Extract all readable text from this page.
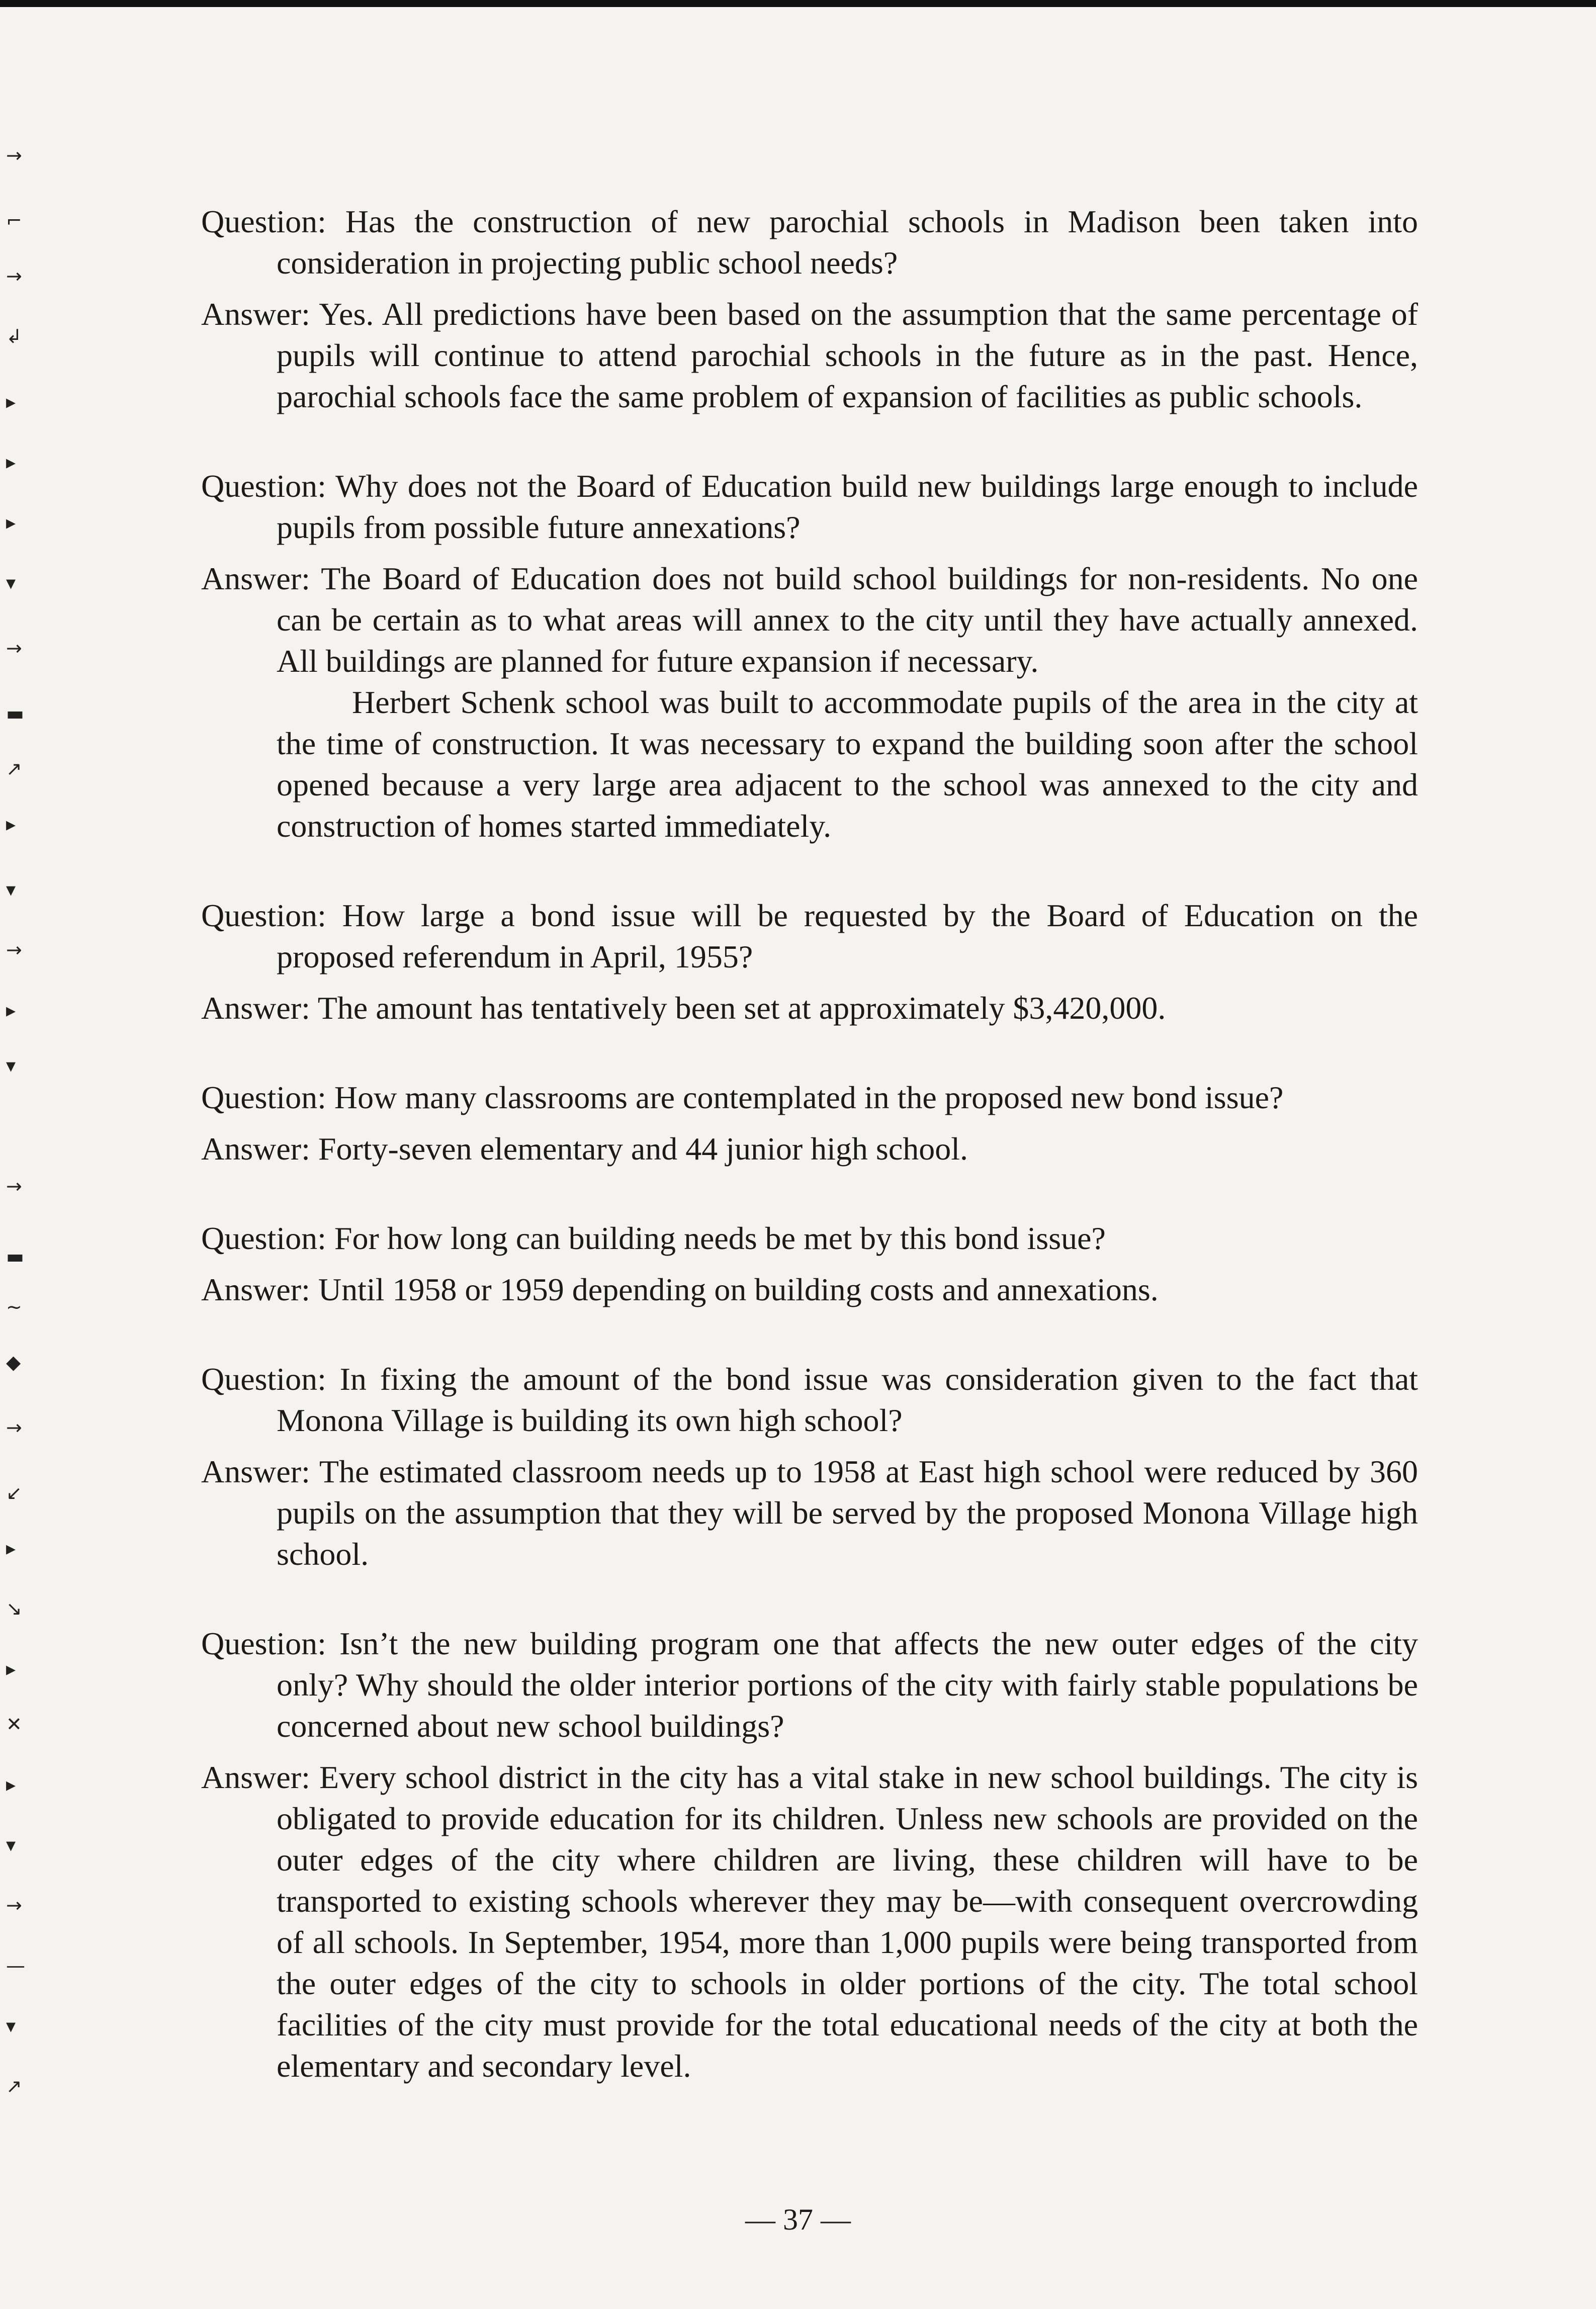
→
⌐
→
↲
▸
▸
▸
▾
→
▬
↗
▸
▾
→
▸
▾
→
▬
~
◆
→
↙
▸
↘
▸
✕
▸
▾
→
—
▾
↗

Question: Has the construction of new parochial schools in Madison been taken into consideration in projecting public school needs?

Answer: Yes. All predictions have been based on the assumption that the same percentage of pupils will continue to attend parochial schools in the future as in the past. Hence, parochial schools face the same problem of expansion of facilities as public schools.

Question: Why does not the Board of Education build new buildings large enough to include pupils from possible future annexations?

Answer: The Board of Education does not build school buildings for non-residents. No one can be certain as to what areas will annex to the city until they have actually annexed. All buildings are planned for future expansion if necessary.

Herbert Schenk school was built to accommodate pupils of the area in the city at the time of construction. It was necessary to expand the building soon after the school opened because a very large area adjacent to the school was annexed to the city and construction of homes started immediately.

Question: How large a bond issue will be requested by the Board of Education on the proposed referendum in April, 1955?

Answer: The amount has tentatively been set at approximately $3,420,000.

Question: How many classrooms are contemplated in the proposed new bond issue?

Answer: Forty-seven elementary and 44 junior high school.

Question: For how long can building needs be met by this bond issue?

Answer: Until 1958 or 1959 depending on building costs and annexations.

Question: In fixing the amount of the bond issue was consideration given to the fact that Monona Village is building its own high school?

Answer: The estimated classroom needs up to 1958 at East high school were reduced by 360 pupils on the assumption that they will be served by the proposed Monona Village high school.

Question: Isn’t the new building program one that affects the new outer edges of the city only? Why should the older interior portions of the city with fairly stable populations be concerned about new school buildings?

Answer: Every school district in the city has a vital stake in new school buildings. The city is obligated to provide education for its children. Unless new schools are provided on the outer edges of the city where children are living, these children will have to be transported to existing schools wherever they may be—with consequent overcrowding of all schools. In September, 1954, more than 1,000 pupils were being transported from the outer edges of the city to schools in older portions of the city. The total school facilities of the city must provide for the total educational needs of the city at both the elementary and secondary level.

— 37 —
